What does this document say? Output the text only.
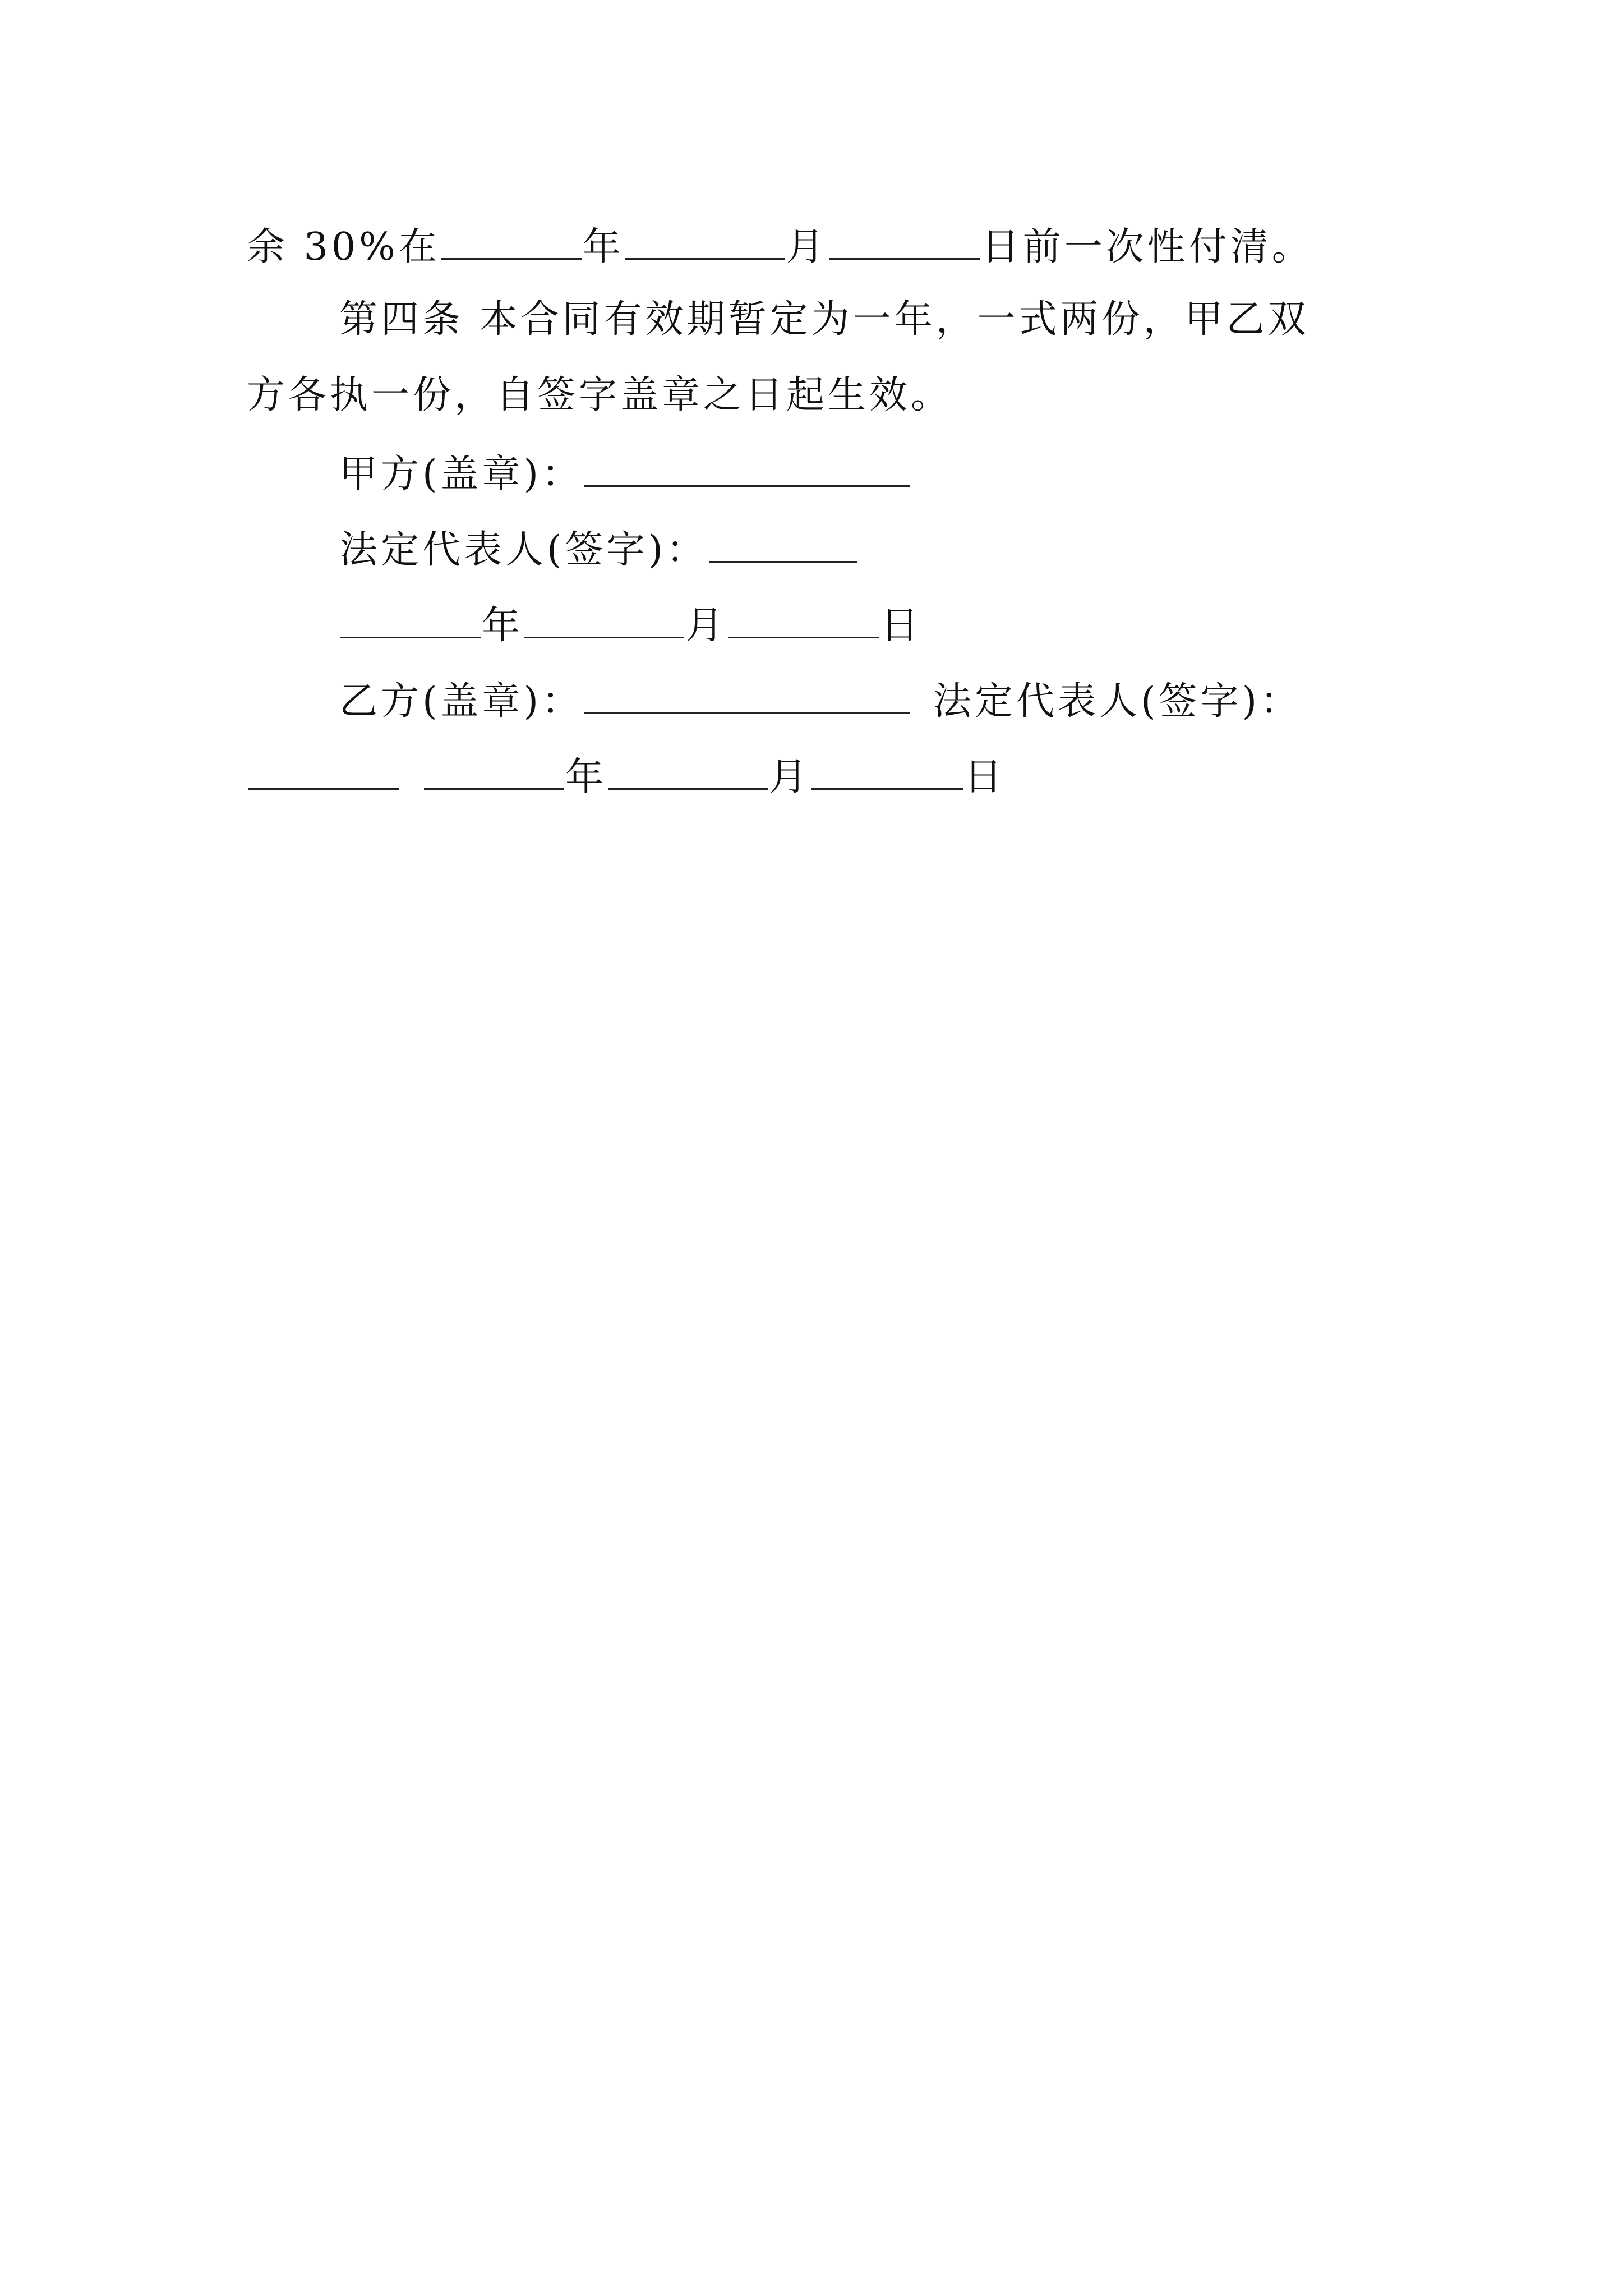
余 30%在	年	月	日前一次性付清。
第四条 本合同有效期暂定为一年，一式两份，甲乙双
方各执一份，自签字盖章之日起生效。
甲方(盖章)：
法定代表人(签字)：
年	月	日
乙方(盖章)：	法定代表人(签字)：
年	月	日
